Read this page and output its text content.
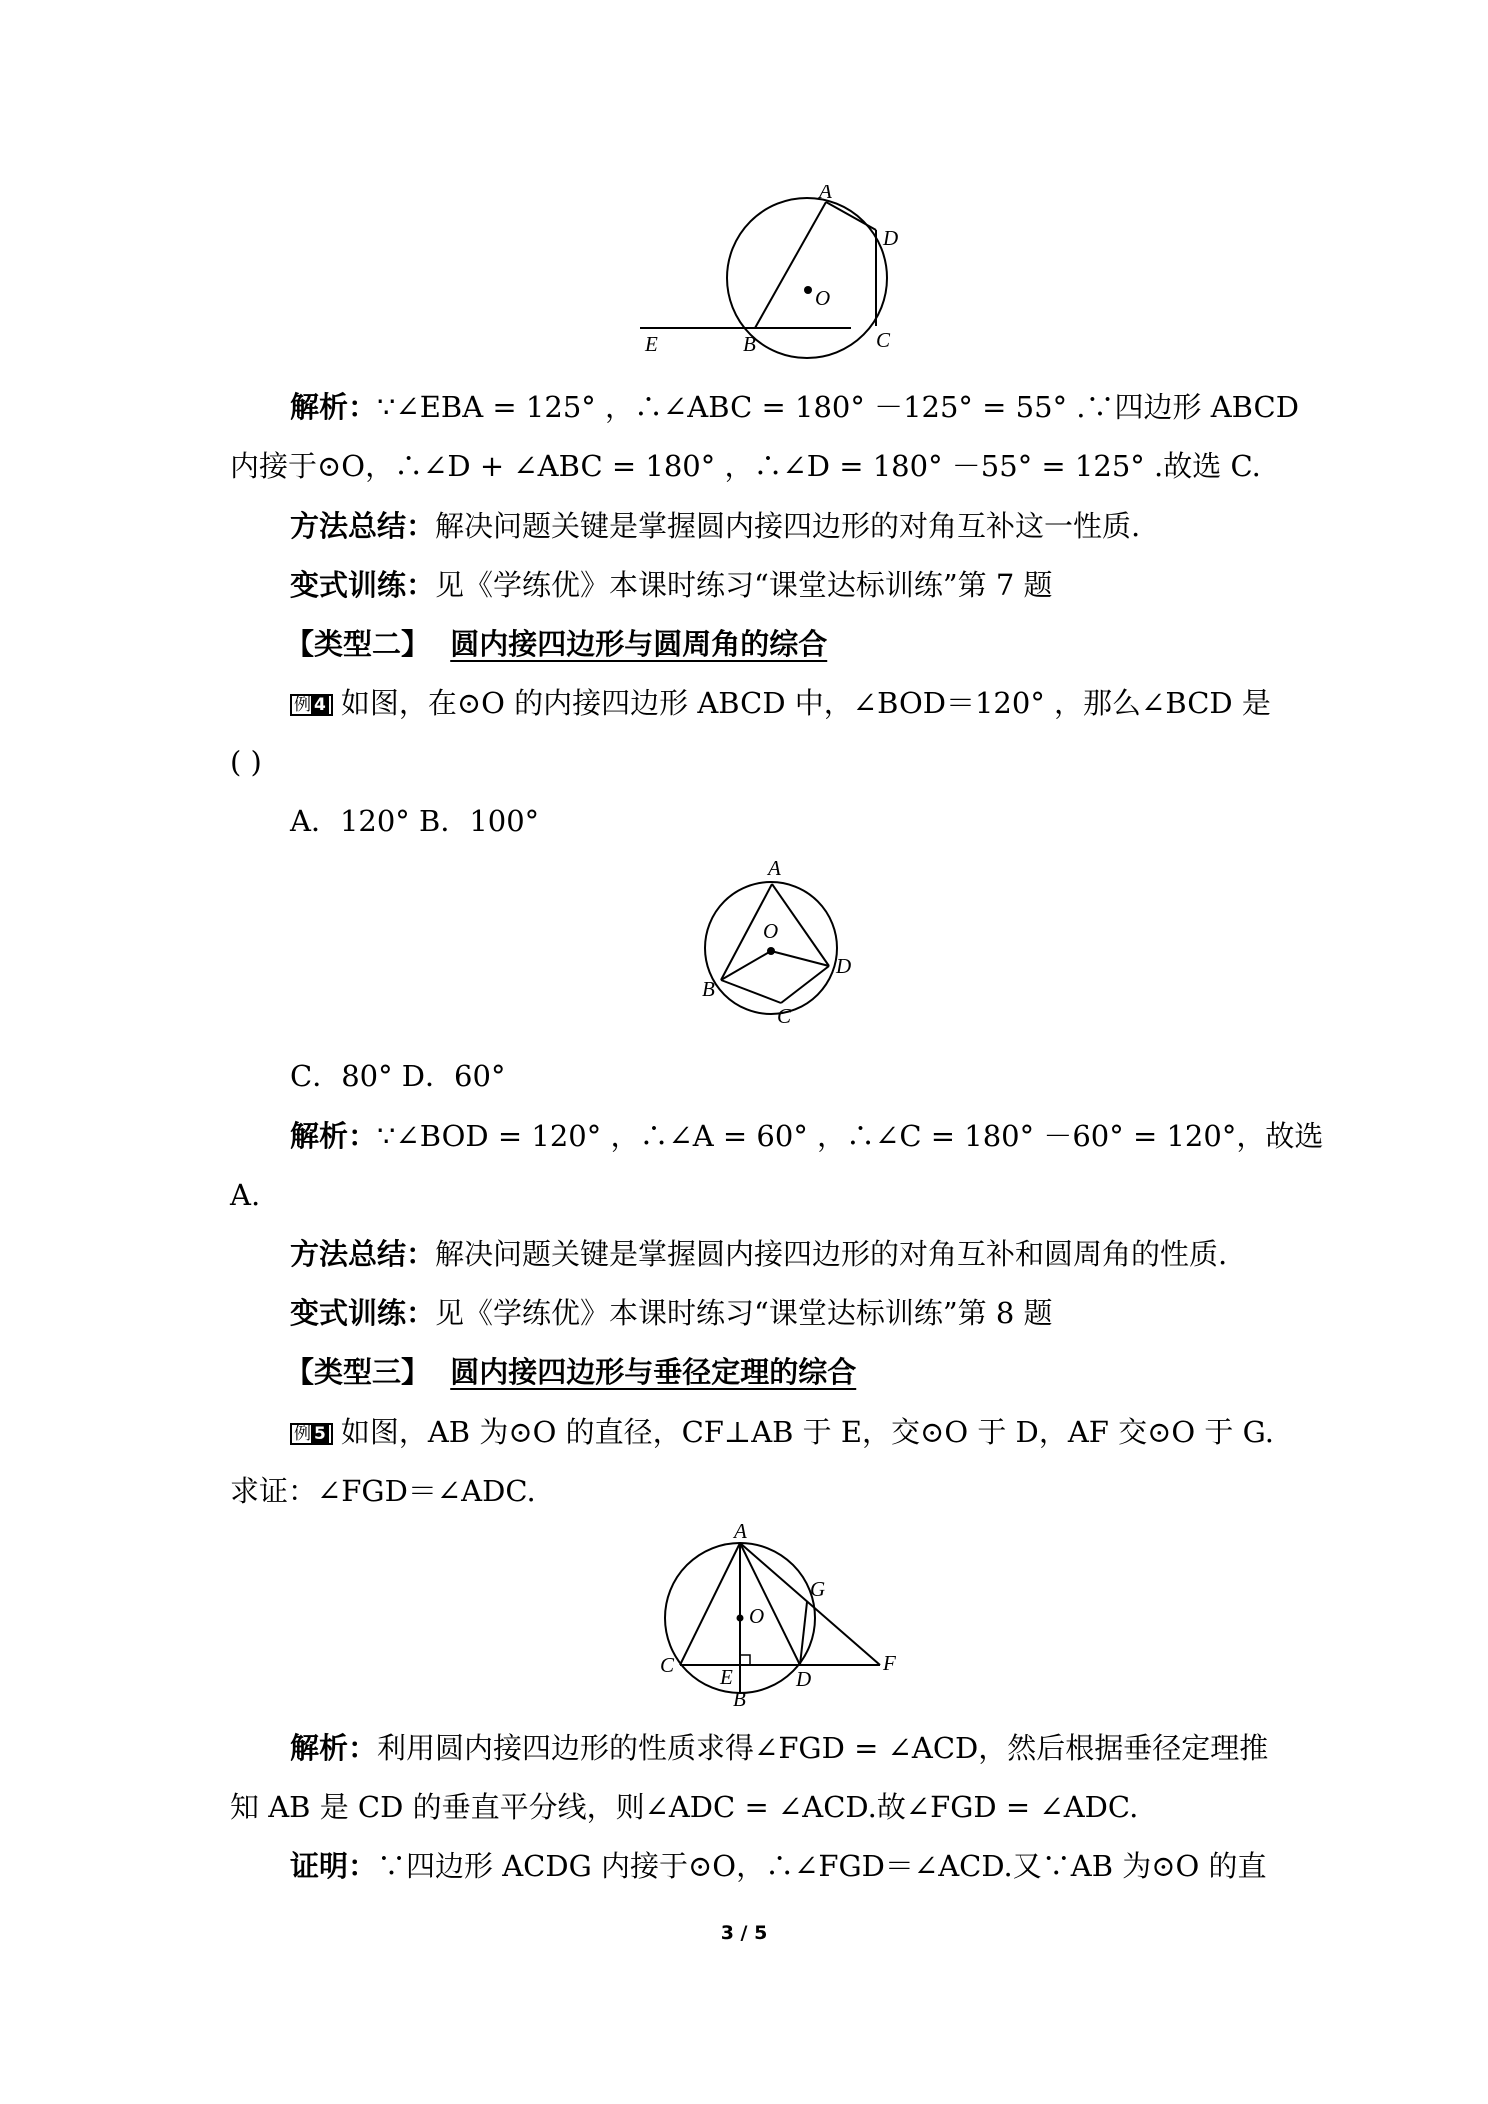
A
D
O
C
B
E
解析：∵∠EBA = 125° ，∴∠ABC = 180° －125° = 55° .∵四边形 ABCD
内接于⊙O，∴∠D + ∠ABC = 180° ，∴∠D = 180° －55° = 125° .故选 C.
方法总结：解决问题关键是掌握圆内接四边形的对角互补这一性质.
变式训练：见《学练优》本课时练习“课堂达标训练”第 7 题
【类型二】 圆内接四边形与圆周角的综合
例 4 如图，在⊙O 的内接四边形 ABCD 中，∠BOD＝120° ，那么∠BCD 是
( )
A．120° B．100°
A
O
D
B
C
C．80° D．60°
解析：∵∠BOD = 120° ，∴∠A = 60° ，∴∠C = 180° －60° = 120°，故选
A.
方法总结：解决问题关键是掌握圆内接四边形的对角互补和圆周角的性质.
变式训练：见《学练优》本课时练习“课堂达标训练”第 8 题
【类型三】 圆内接四边形与垂径定理的综合
例 5 如图，AB 为⊙O 的直径，CF⊥AB 于 E，交⊙O 于 D，AF 交⊙O 于 G.
求证：∠FGD＝∠ADC.
A
G
O
C E	D
F
B
解析：利用圆内接四边形的性质求得∠FGD = ∠ACD，然后根据垂径定理推
知 AB 是 CD 的垂直平分线，则∠ADC = ∠ACD.故∠FGD = ∠ADC.
证明：∵四边形 ACDG 内接于⊙O，∴∠FGD＝∠ACD.又∵AB 为⊙O 的直
3 / 5
